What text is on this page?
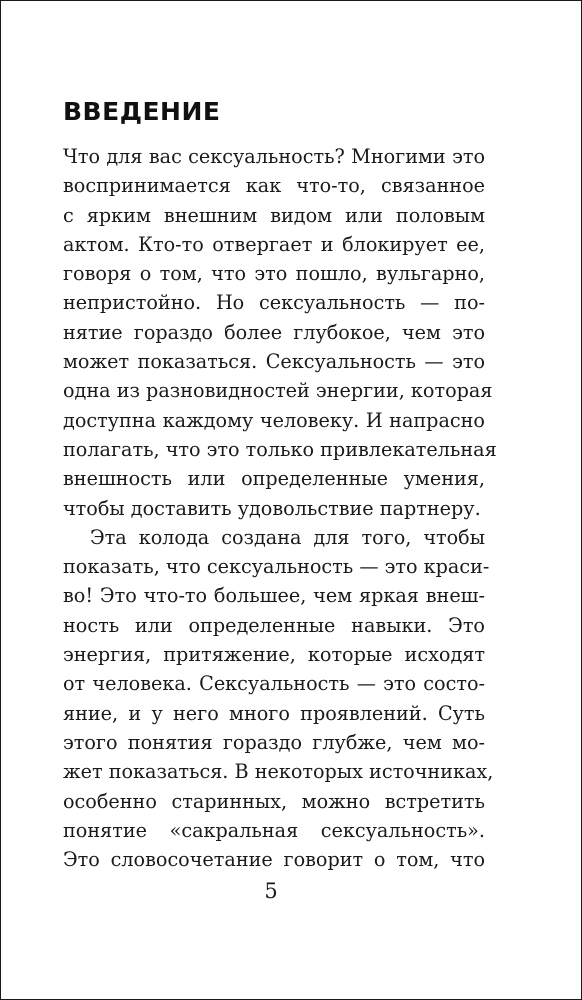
ВВЕДЕНИЕ
Что для вас сексуальность? Многими это
воспринимается как что-то, связанное
с ярким внешним видом или половым
актом. Кто-то отвергает и блокирует ее,
говоря о том, что это пошло, вульгарно,
непристойно. Но сексуальность — по-
нятие гораздо более глубокое, чем это
может показаться. Сексуальность — это
одна из разновидностей энергии, которая
доступна каждому человеку. И напрасно
полагать, что это только привлекательная
внешность или определенные умения,
чтобы доставить удовольствие партнеру.
Эта колода создана для того, чтобы
показать, что сексуальность — это краси-
во! Это что-то большее, чем яркая внеш-
ность или определенные навыки. Это
энергия, притяжение, которые исходят
от человека. Сексуальность — это состо-
яние, и у него много проявлений. Суть
этого понятия гораздо глубже, чем мо-
жет показаться. В некоторых источниках,
особенно старинных, можно встретить
понятие «сакральная сексуальность».
Это словосочетание говорит о том, что
5
